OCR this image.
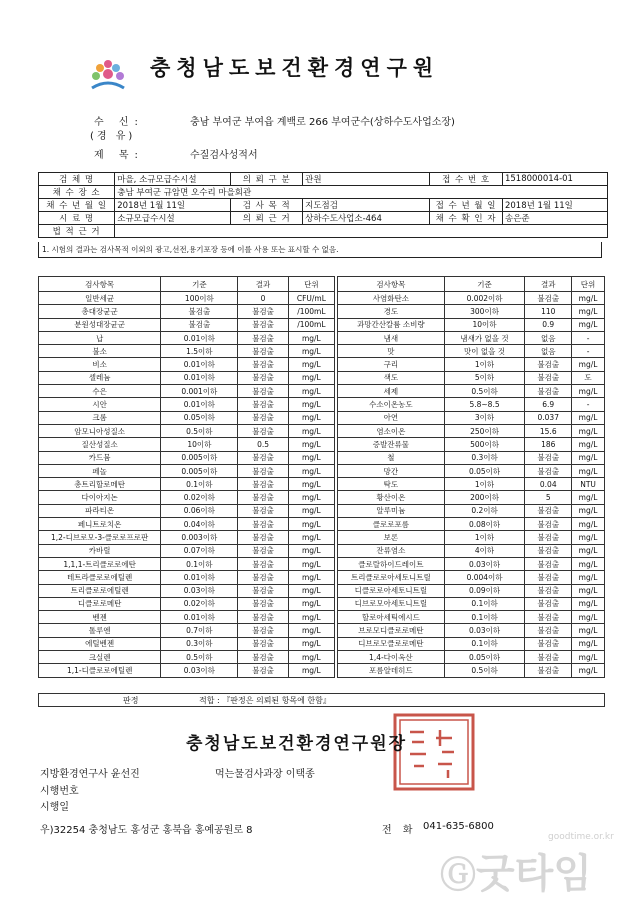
충청남도보건환경연구원
수 신:
(경 유)
충남 부여군 부여읍 계백로 266 부여군수(상하수도사업소장)
제 목:	수질검사성적서
검 체 명	마을, 소규모급수시설	의 뢰 구 분	관원	접 수 번 호	1518000014-01
채 수 장 소	충남 부여군 규암면 오수리 마을회관				
채 수 년 월 일	2018년 1월 11일	검 사 목 적	지도점검	접 수 년 월 일	2018년 1월 11일
시 료 명	소규모급수시설	의 뢰 근 거	상하수도사업소-464	채 수 확 인 자	송은준
법 적 근 거					
1. 시험의 결과는 검사목적 이외의 광고,선전,용기포장 등에 이를 사용 또는 표시할 수 없음.
검사항목	기준	결과	단위
일반세균	100이하	0	CFU/mL
총대장균군	불검출	불검출	/100mL
분원성대장균군	불검출	불검출	/100mL
납	0.01이하	불검출	mg/L
불소	1.5이하	불검출	mg/L
비소	0.01이하	불검출	mg/L
셀레늄	0.01이하	불검출	mg/L
수은	0.001이하	불검출	mg/L
시안	0.01이하	불검출	mg/L
크롬	0.05이하	불검출	mg/L
암모니아성질소	0.5이하	불검출	mg/L
질산성질소	10이하	0.5	mg/L
카드뮴	0.005이하	불검출	mg/L
페놀	0.005이하	불검출	mg/L
총트리할로메탄	0.1이하	불검출	mg/L
다이아지논	0.02이하	불검출	mg/L
파라티온	0.06이하	불검출	mg/L
페니트로치온	0.04이하	불검출	mg/L
1,2-디브로모-3-클로로프로판	0.003이하	불검출	mg/L
카바릴	0.07이하	불검출	mg/L
1,1,1-트리클로로에탄	0.1이하	불검출	mg/L
테트라클로로에틸렌	0.01이하	불검출	mg/L
트리클로로에틸렌	0.03이하	불검출	mg/L
디클로로메탄	0.02이하	불검출	mg/L
벤젠	0.01이하	불검출	mg/L
톨루엔	0.7이하	불검출	mg/L
에틸벤젠	0.3이하	불검출	mg/L
크실렌	0.5이하	불검출	mg/L
1,1-디클로로에틸렌	0.03이하	불검출	mg/L
검사항목	기준	결과	단위
사염화탄소	0.002이하	불검출	mg/L
경도	300이하	110	mg/L
과망간산칼륨 소비량	10이하	0.9	mg/L
냄새	냄새가 없을 것	없음	-
맛	맛이 없을 것	없음	-
구리	1이하	불검출	mg/L
색도	5이하	불검출	도
세제	0.5이하	불검출	mg/L
수소이온농도	5.8~8.5	6.9	-
아연	3이하	0.037	mg/L
염소이온	250이하	15.6	mg/L
증발잔류물	500이하	186	mg/L
철	0.3이하	불검출	mg/L
망간	0.05이하	불검출	mg/L
탁도	1이하	0.04	NTU
황산이온	200이하	5	mg/L
알루미늄	0.2이하	불검출	mg/L
클로로포름	0.08이하	불검출	mg/L
보론	1이하	불검출	mg/L
잔류염소	4이하	불검출	mg/L
클로랄하이드레이트	0.03이하	불검출	mg/L
트리클로로아세토니트릴	0.004이하	불검출	mg/L
디클로로아세토니트릴	0.09이하	불검출	mg/L
디브로모아세토니트릴	0.1이하	불검출	mg/L
할로아세틱에시드	0.1이하	불검출	mg/L
브로모디클로로메탄	0.03이하	불검출	mg/L
디브로모클로로메탄	0.1이하	불검출	mg/L
1,4-다이옥산	0.05이하	불검출	mg/L
포름알데히드	0.5이하	불검출	mg/L
판정	적합 : 『판정은 의뢰된 항목에 한함』
충청남도보건환경연구원장
지방환경연구사 윤선진	먹는물검사과장 이택종
시행번호
시행일
우)32254 충청남도 홍성군 홍북읍 홍예공원로 8	전 화 041-635-6800
goodtime.or.kr
Ⓖ굿타임
